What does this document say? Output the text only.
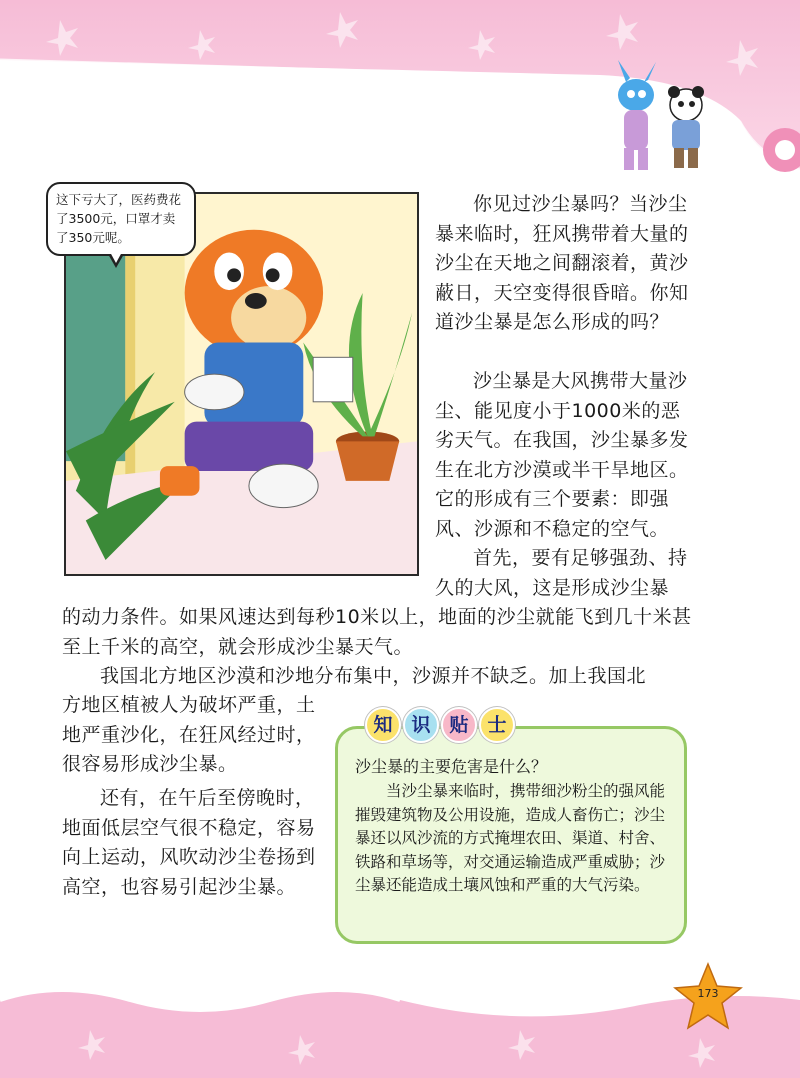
这下亏大了，医药费花了3500元，口罩才卖了350元呢。

你见过沙尘暴吗？当沙尘暴来临时，狂风携带着大量的沙尘在天地之间翻滚着，黄沙蔽日，天空变得很昏暗。你知道沙尘暴是怎么形成的吗？

沙尘暴是大风携带大量沙尘、能见度小于1000米的恶劣天气。在我国，沙尘暴多发生在北方沙漠或半干旱地区。它的形成有三个要素：即强风、沙源和不稳定的空气。

首先，要有足够强劲、持久的大风，这是形成沙尘暴

的动力条件。如果风速达到每秒10米以上，地面的沙尘就能飞到几十米甚至上千米的高空，就会形成沙尘暴天气。

我国北方地区沙漠和沙地分布集中，沙源并不缺乏。加上我国北

方地区植被人为破坏严重，土地严重沙化，在狂风经过时，很容易形成沙尘暴。

还有，在午后至傍晚时，地面低层空气很不稳定，容易向上运动，风吹动沙尘卷扬到高空，也容易引起沙尘暴。

知 识 贴 士
沙尘暴的主要危害是什么？

当沙尘暴来临时，携带细沙粉尘的强风能摧毁建筑物及公用设施，造成人畜伤亡；沙尘暴还以风沙流的方式掩埋农田、渠道、村舍、铁路和草场等，对交通运输造成严重威胁；沙尘暴还能造成土壤风蚀和严重的大气污染。

173
